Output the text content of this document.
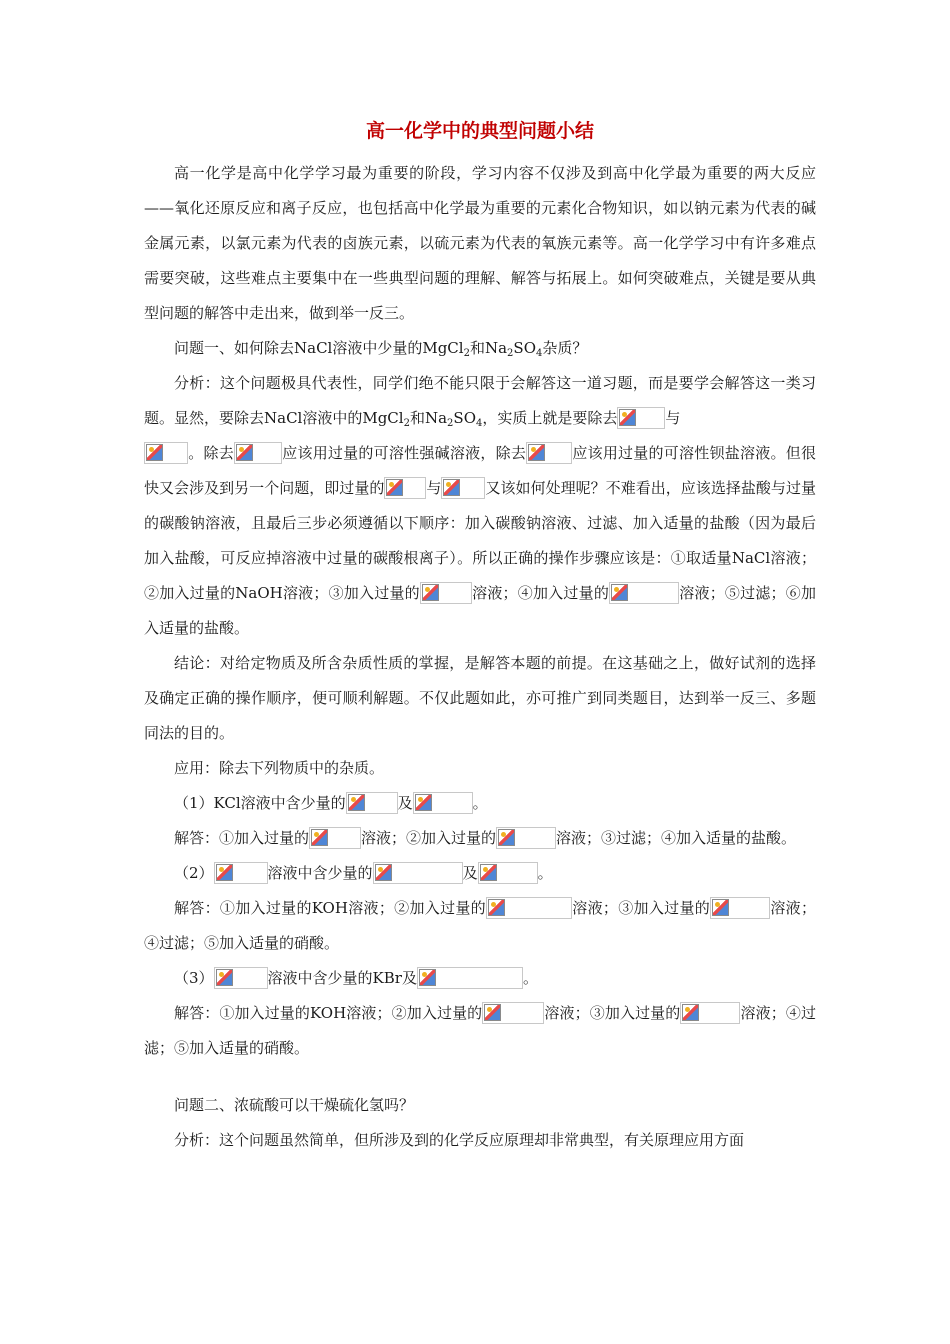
高一化学中的典型问题小结

高一化学是高中化学学习最为重要的阶段，学习内容不仅涉及到高中化学最为重要的两大反应——氧化还原反应和离子反应，也包括高中化学最为重要的元素化合物知识，如以钠元素为代表的碱金属元素，以氯元素为代表的卤族元素，以硫元素为代表的氧族元素等。高一化学学习中有许多难点需要突破，这些难点主要集中在一些典型问题的理解、解答与拓展上。如何突破难点，关键是要从典型问题的解答中走出来，做到举一反三。

问题一、如何除去NaCl溶液中少量的MgCl$_2$和$Na_2SO_4$杂质？

分析：这个问题极具代表性，同学们绝不能只限于会解答这一道习题，而是要学会解答这一类习题。显然，要除去NaCl溶液中的MgCl$_2$和$Na_2SO_4$，实质上就是要除去	与

。除去	应该用过量的可溶性强碱溶液，除去	应该用过量的可溶性钡盐溶液。但很快又会涉及到另一个问题，即过量的	与	又该如何处理呢？不难看出，应该选择盐酸与过量的碳酸钠溶液，且最后三步必须遵循以下顺序：加入碳酸钠溶液、过滤、加入适量的盐酸（因为最后加入盐酸，可反应掉溶液中过量的碳酸根离子）。所以正确的操作步骤应该是：①取适量NaCl溶液；②加入过量的NaOH溶液；③加入过量的	溶液；④加入过量的	溶液；⑤过滤；⑥加入适量的盐酸。

结论：对给定物质及所含杂质性质的掌握，是解答本题的前提。在这基础之上，做好试剂的选择及确定正确的操作顺序，便可顺利解题。不仅此题如此，亦可推广到同类题目，达到举一反三、多题同法的目的。

应用：除去下列物质中的杂质。

（1）KCl溶液中含少量的	及	。

解答：①加入过量的	溶液；②加入过量的	溶液；③过滤；④加入适量的盐酸。

（2）	溶液中含少量的	及	。

解答：①加入过量的KOH溶液；②加入过量的	溶液；③加入过量的	溶液；④过滤；⑤加入适量的硝酸。

（3）	溶液中含少量的KBr及	。

解答：①加入过量的KOH溶液；②加入过量的	溶液；③加入过量的	溶液；④过滤；⑤加入适量的硝酸。

问题二、浓硫酸可以干燥硫化氢吗？

分析：这个问题虽然简单，但所涉及到的化学反应原理却非常典型，有关原理应用方面
